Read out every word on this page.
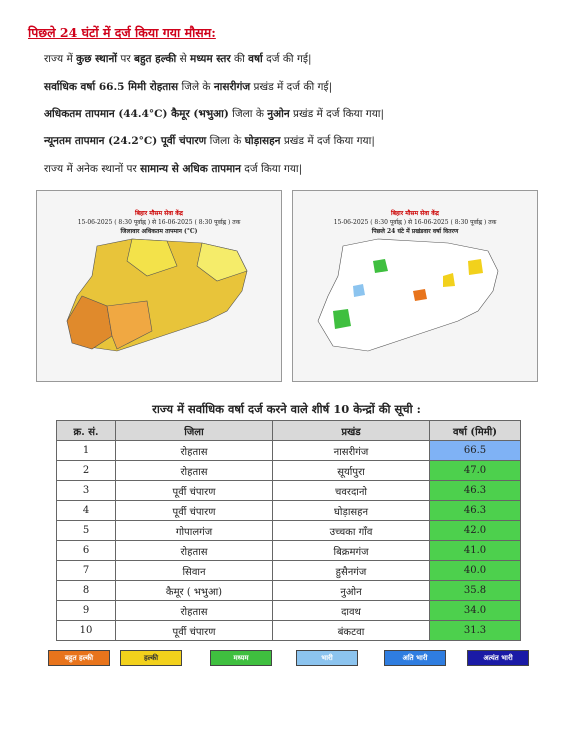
पिछले 24 घंटों में दर्ज किया गया मौसम:
राज्य में कुछ स्थानों पर बहुत हल्की से मध्यम स्तर की वर्षा दर्ज की गई|
सर्वाधिक वर्षा 66.5 मिमी रोहतास जिले के नासरीगंज प्रखंड में दर्ज की गई|
अधिकतम तापमान (44.4°C) कैमूर (भभुआ) जिला के नुओन प्रखंड में दर्ज किया गया|
न्यूनतम तापमान (24.2°C) पूर्वी चंपारण जिला के घोड़ासहन प्रखंड में दर्ज किया गया|
राज्य में अनेक स्थानों पर सामान्य से अधिक तापमान दर्ज किया गया|
बिहार मौसम सेवा केंद्र
15-06-2025 ( 8:30 पूर्वाह्न ) से 16-06-2025 ( 8:30 पूर्वाह्न ) तक
जिलावार अधिकतम तापमान (°C)
बिहार मौसम सेवा केंद्र
15-06-2025 ( 8:30 पूर्वाह्न ) से 16-06-2025 ( 8:30 पूर्वाह्न ) तक
पिछले 24 घंटे में प्रखंडवार वर्षा वितरण
राज्य में सर्वाधिक वर्षा दर्ज करने वाले शीर्ष 10 केन्द्रों की सूची :
क्र. सं.	जिला	प्रखंड	वर्षा (मिमी)
1	रोहतास	नासरीगंज	66.5
2	रोहतास	सूर्यापुरा	47.0
3	पूर्वी चंपारण	चवरदानो	46.3
4	पूर्वी चंपारण	घोड़ासहन	46.3
5	गोपालगंज	उच्चका गाँव	42.0
6	रोहतास	बिक्रमगंज	41.0
7	सिवान	हुसैनगंज	40.0
8	कैमूर ( भभुआ)	नुओन	35.8
9	रोहतास	दावथ	34.0
10	पूर्वी चंपारण	बंकटवा	31.3
बहुत हल्की	हल्की	मध्यम	भारी	अति भारी	अत्यंत भारी
